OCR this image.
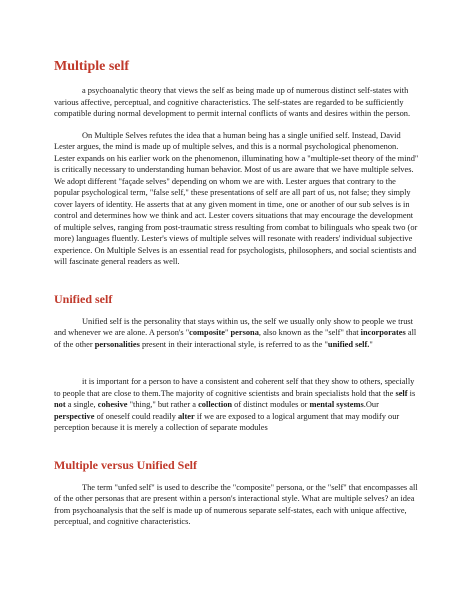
Multiple self

a psychoanalytic theory that views the self as being made up of numerous distinct self-states with various affective, perceptual, and cognitive characteristics. The self-states are regarded to be sufficiently compatible during normal development to permit internal conflicts of wants and desires within the person.

On Multiple Selves refutes the idea that a human being has a single unified self. Instead, David Lester argues, the mind is made up of multiple selves, and this is a normal psychological phenomenon. Lester expands on his earlier work on the phenomenon, illuminating how a "multiple-set theory of the mind" is critically necessary to understanding human behavior. Most of us are aware that we have multiple selves. We adopt different "façade selves" depending on whom we are with. Lester argues that contrary to the popular psychological term, "false self," these presentations of self are all part of us, not false; they simply cover layers of identity. He asserts that at any given moment in time, one or another of our sub selves is in control and determines how we think and act. Lester covers situations that may encourage the development of multiple selves, ranging from post-traumatic stress resulting from combat to bilinguals who speak two (or more) languages fluently. Lester's views of multiple selves will resonate with readers' individual subjective experience. On Multiple Selves is an essential read for psychologists, philosophers, and social scientists and will fascinate general readers as well.

Unified self

Unified self is the personality that stays within us, the self we usually only show to people we trust and whenever we are alone. A person's "composite" persona, also known as the "self" that incorporates all of the other personalities present in their interactional style, is referred to as the "unified self."

it is important for a person to have a consistent and coherent self that they show to others, specially to people that are close to them.The majority of cognitive scientists and brain specialists hold that the self is not a single, cohesive "thing," but rather a collection of distinct modules or mental systems.Our perspective of oneself could readily alter if we are exposed to a logical argument that may modify our perception because it is merely a collection of separate modules

Multiple versus Unified Self

The term "unfed self" is used to describe the "composite" persona, or the "self" that encompasses all of the other personas that are present within a person's interactional style. What are multiple selves? an idea from psychoanalysis that the self is made up of numerous separate self-states, each with unique affective, perceptual, and cognitive characteristics.
